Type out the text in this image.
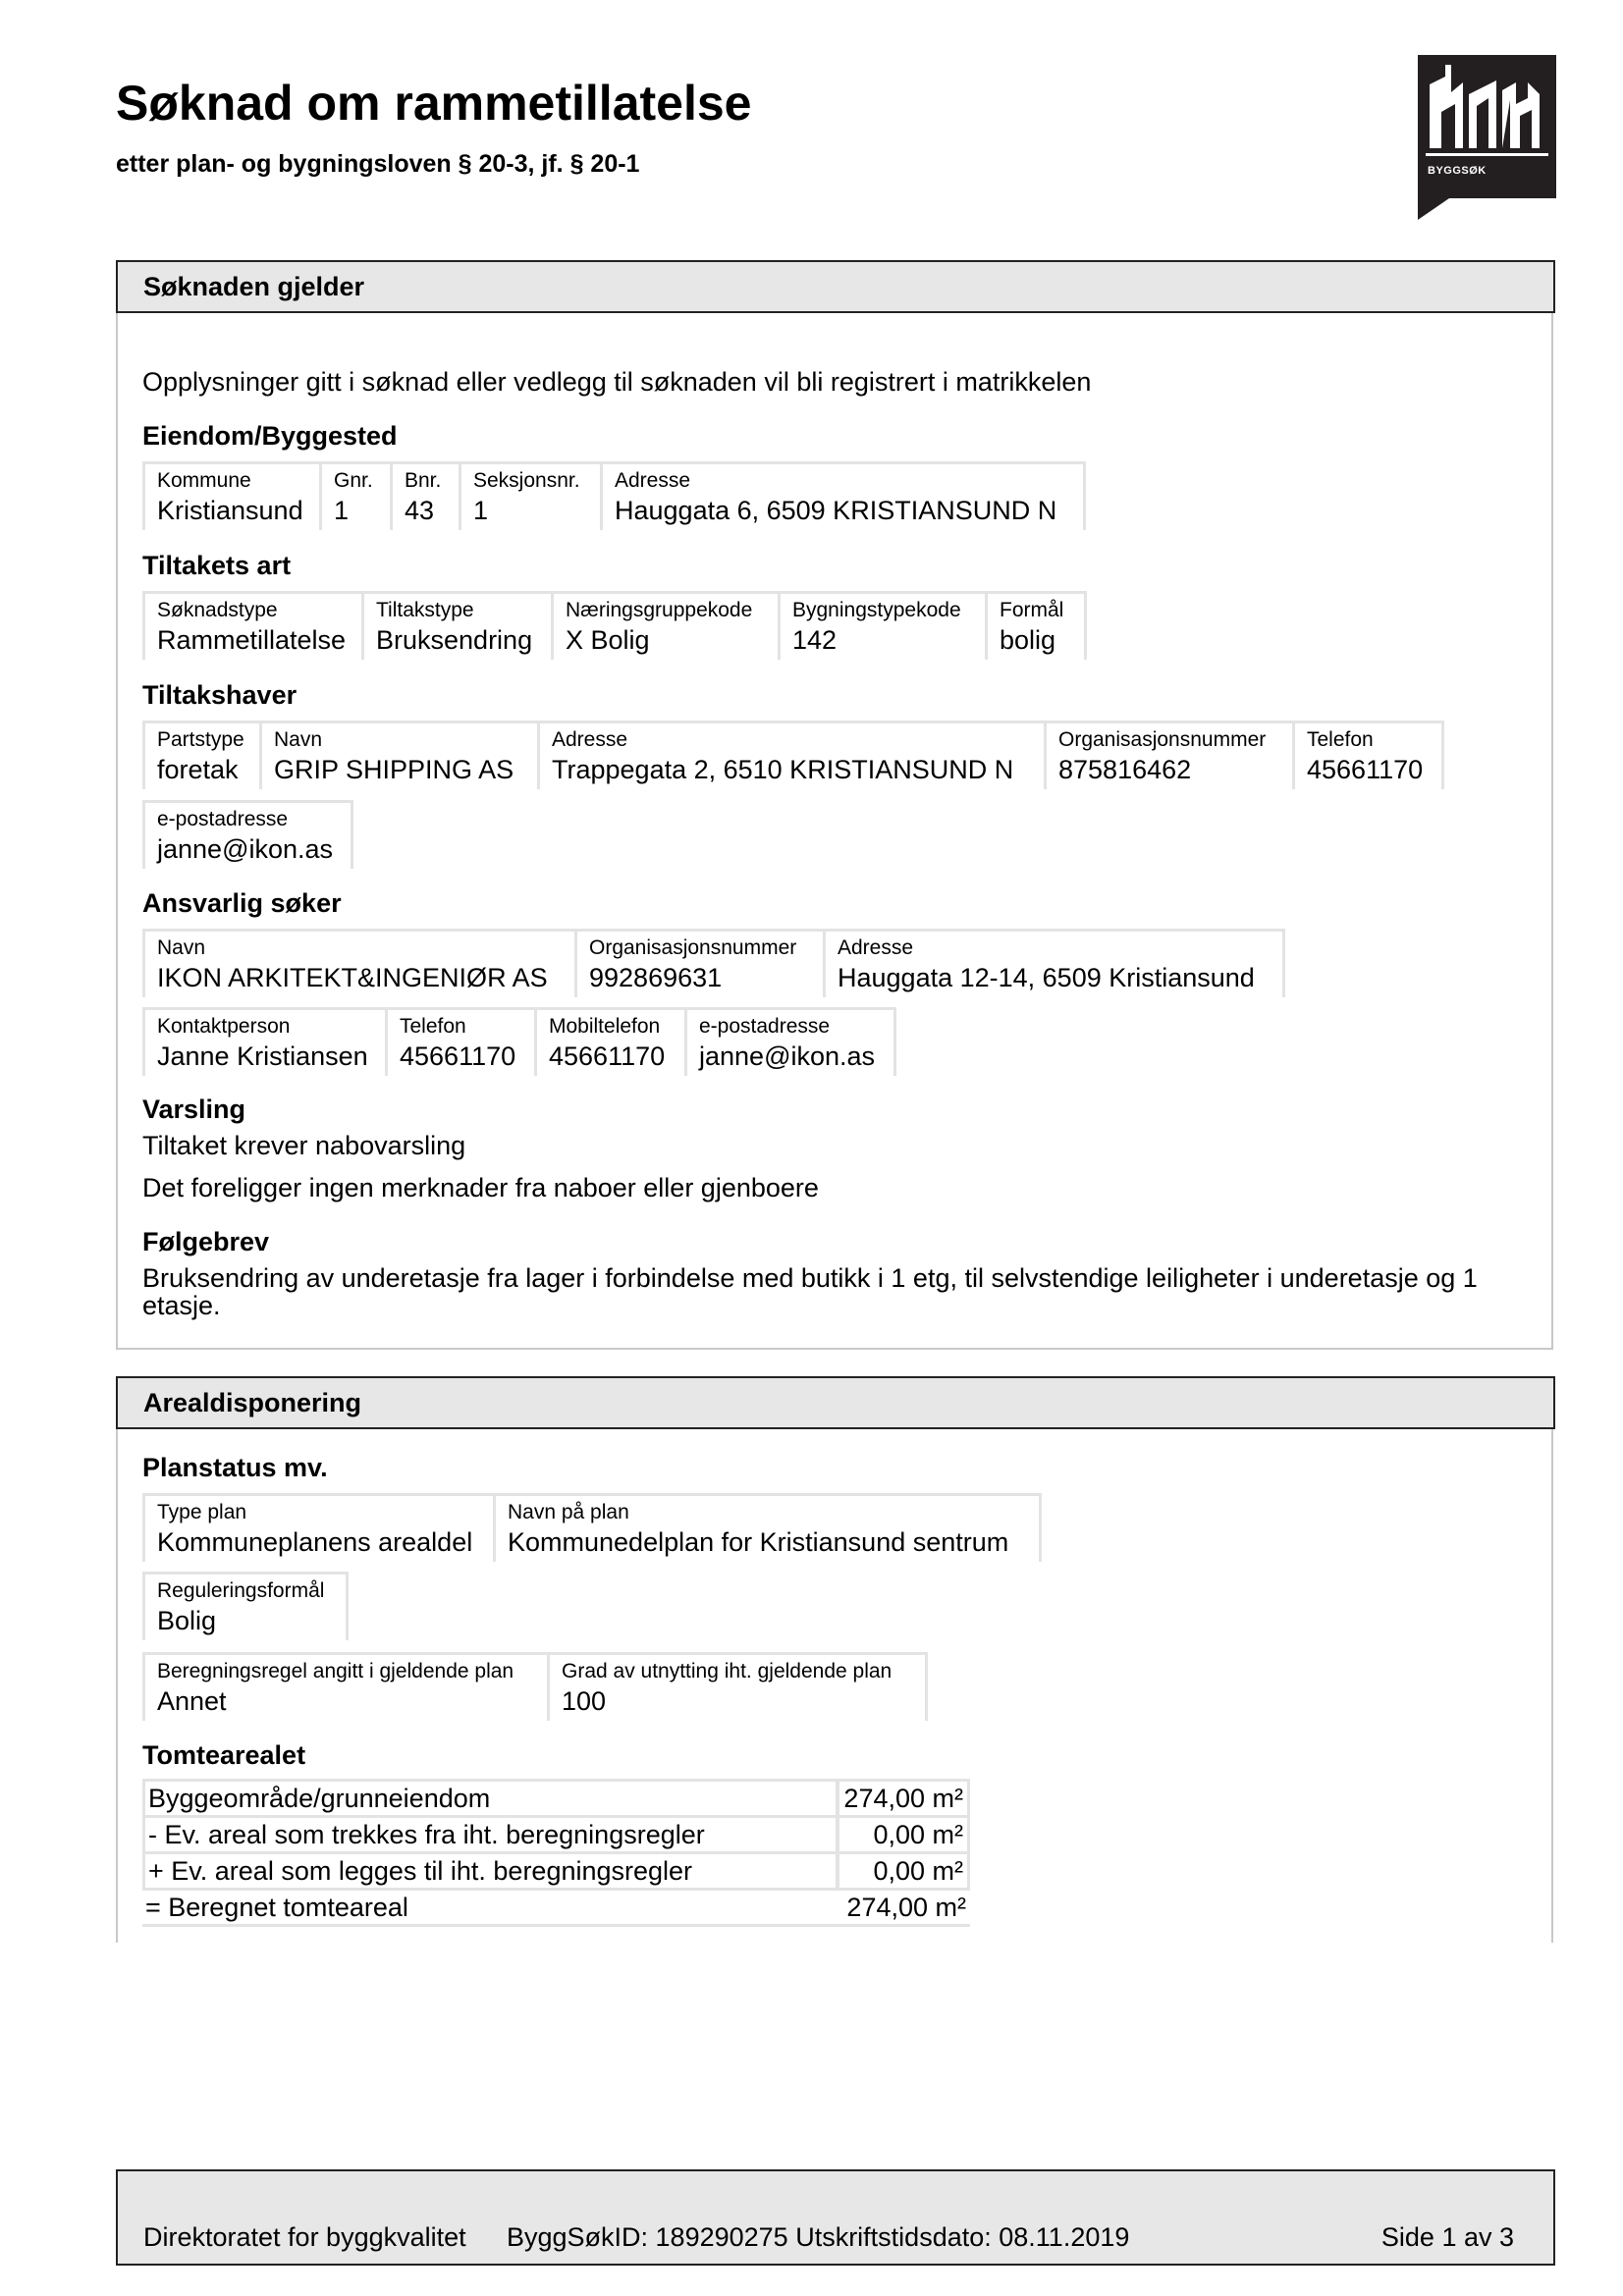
Søknad om rammetillatelse
etter plan- og bygningsloven § 20-3, jf. § 20-1	BYGGSØK
Søknaden gjelder
Opplysninger gitt i søknad eller vedlegg til søknaden vil bli registrert i matrikkelen
Eiendom/Byggested
Kommune
Kristiansund
Gnr.
1
Bnr.
43
Seksjonsnr.
1
Adresse
Hauggata 6, 6509 KRISTIANSUND N
Tiltakets art
Søknadstype
Rammetillatelse
Tiltakstype
Bruksendring
Næringsgruppekode
X Bolig
Bygningstypekode
142
Formål
bolig
Tiltakshaver
Partstype
foretak
Navn
GRIP SHIPPING AS
Adresse
Trappegata 2, 6510 KRISTIANSUND N
Organisasjonsnummer
875816462
Telefon
45661170
e-postadresse
janne@ikon.as
Ansvarlig søker
Navn
IKON ARKITEKT&INGENIØR AS
Organisasjonsnummer
992869631
Adresse
Hauggata 12-14, 6509 Kristiansund
Kontaktperson
Janne Kristiansen
Telefon
45661170
Mobiltelefon
45661170
e-postadresse
janne@ikon.as
Varsling
Tiltaket krever nabovarsling
Det foreligger ingen merknader fra naboer eller gjenboere
Følgebrev
Bruksendring av underetasje fra lager i forbindelse med butikk i 1 etg, til selvstendige leiligheter i underetasje og 1
etasje.
Arealdisponering
Planstatus mv.
Type plan
Kommuneplanens arealdel
Navn på plan
Kommunedelplan for Kristiansund sentrum
Reguleringsformål
Bolig
Beregningsregel angitt i gjeldende plan
Annet
Grad av utnytting iht. gjeldende plan
100
Tomtearealet
Byggeområde/grunneiendom	274,00 m²
- Ev. areal som trekkes fra iht. beregningsregler	0,00 m²
+ Ev. areal som legges til iht. beregningsregler	0,00 m²
= Beregnet tomteareal	274,00 m²
Direktoratet for byggkvalitet ByggSøkID: 189290275 Utskriftstidsdato: 08.11.2019	Side 1 av 3
